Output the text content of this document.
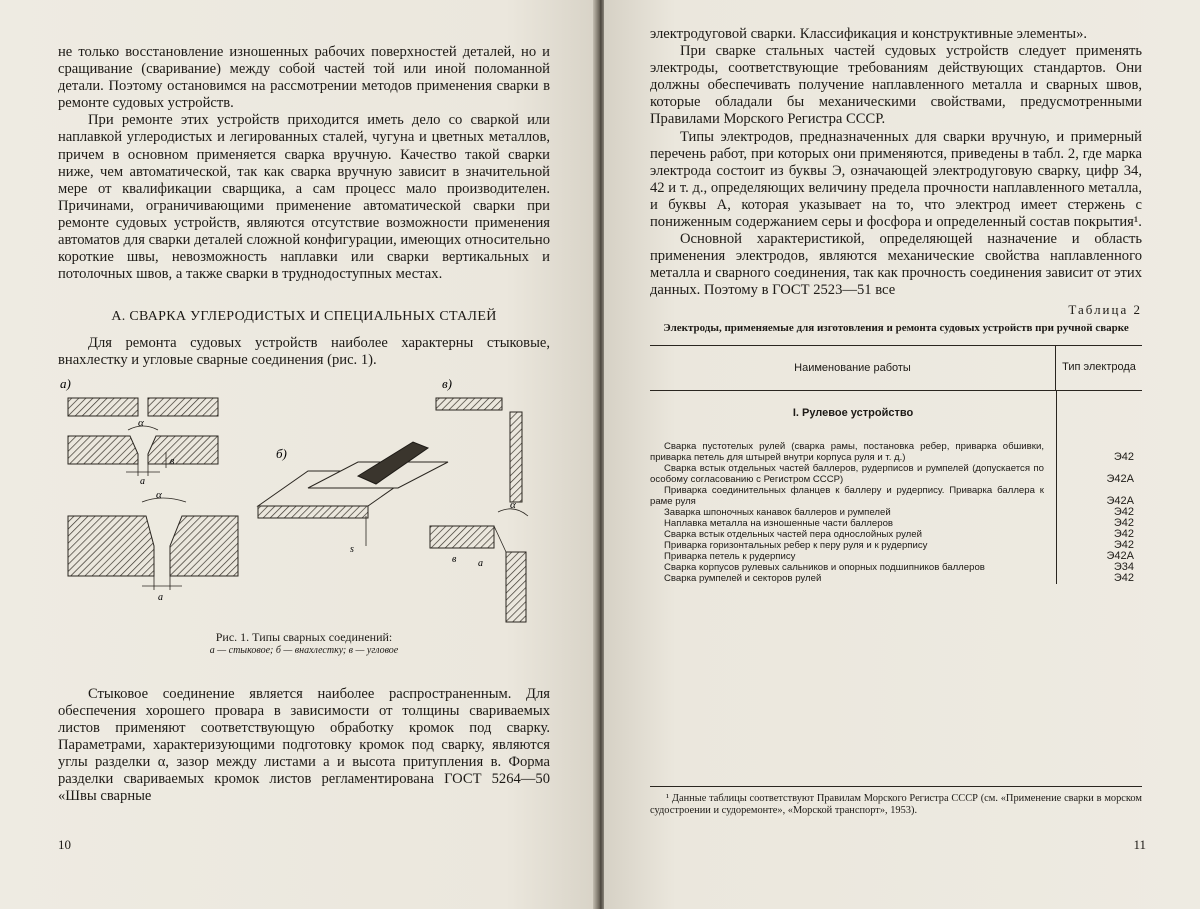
не только восстановление изношенных рабочих поверхностей деталей, но и сращивание (сваривание) между собой частей той или иной поломанной детали. Поэтому остановимся на рассмотрении методов применения сварки в ремонте судовых устройств.

При ремонте этих устройств приходится иметь дело со сваркой или наплавкой углеродистых и легированных сталей, чугуна и цветных металлов, причем в основном применяется сварка вручную. Качество такой сварки ниже, чем автоматической, так как сварка вручную зависит в значительной мере от квалификации сварщика, а сам процесс мало производителен. Причинами, ограничивающими применение автоматической сварки при ремонте судовых устройств, являются отсутствие возможности применения автоматов для сварки деталей сложной конфигурации, имеющих относительно короткие швы, невозможность наплавки или сварки вертикальных и потолочных швов, а также сварки в труднодоступных местах.

А. СВАРКА УГЛЕРОДИСТЫХ И СПЕЦИАЛЬНЫХ СТАЛЕЙ

Для ремонта судовых устройств наиболее характерны стыковые, внахлестку и угловые сварные соединения (рис. 1).

а)
α
а
в
α
а
б)
s
в)
α
в а
Рис. 1. Типы сварных соединений:
а — стыковое; б — внахлестку; в — угловое

Стыковое соединение является наиболее распространенным. Для обеспечения хорошего провара в зависимости от толщины свариваемых листов применяют соответствующую обработку кромок под сварку. Параметрами, характеризующими подготовку кромок под сварку, являются углы разделки α, зазор между листами а и высота притупления в. Форма разделки свариваемых кромок листов регламентирована ГОСТ 5264—50 «Швы сварные

10

электродуговой сварки. Классификация и конструктивные элементы».

При сварке стальных частей судовых устройств следует применять электроды, соответствующие требованиям действующих стандартов. Они должны обеспечивать получение наплавленного металла и сварных швов, которые обладали бы механическими свойствами, предусмотренными Правилами Морского Регистра СССР.

Типы электродов, предназначенных для сварки вручную, и примерный перечень работ, при которых они применяются, приведены в табл. 2, где марка электрода состоит из буквы Э, означающей электродуговую сварку, цифр 34, 42 и т. д., определяющих величину предела прочности наплавленного металла, и буквы А, которая указывает на то, что электрод имеет стержень с пониженным содержанием серы и фосфора и определенный состав покрытия¹.

Основной характеристикой, определяющей назначение и область применения электродов, являются механические свойства наплавленного металла и сварного соединения, так как прочность соединения зависит от этих данных. Поэтому в ГОСТ 2523—51 все

Таблица 2
Электроды, применяемые для изготовления и ремонта судовых устройств при ручной сварке
Наименование работы	Тип электрода
I. Рулевое устройство
Сварка пустотелых рулей (сварка рамы, постановка ребер, приварка обшивки, приварка петель для штырей внутри корпуса руля и т. д.)	Э42
Сварка встык отдельных частей баллеров, рудерписов и румпелей (допускается по особому согласованию с Регистром СССР)	Э42А
Приварка соединительных фланцев к баллеру и рудерпису. Приварка баллера к раме руля	Э42А
Заварка шпоночных канавок баллеров и румпелей	Э42
Наплавка металла на изношенные части баллеров	Э42
Сварка встык отдельных частей пера однослойных рулей	Э42
Приварка горизонтальных ребер к перу руля и к рудерпису	Э42
Приварка петель к рудерпису	Э42А
Сварка корпусов рулевых сальников и опорных подшипников баллеров	Э34
Сварка румпелей и секторов рулей	Э42

¹ Данные таблицы соответствуют Правилам Морского Регистра СССР (см. «Применение сварки в морском судостроении и судоремонте», «Морской транспорт», 1953).

11
